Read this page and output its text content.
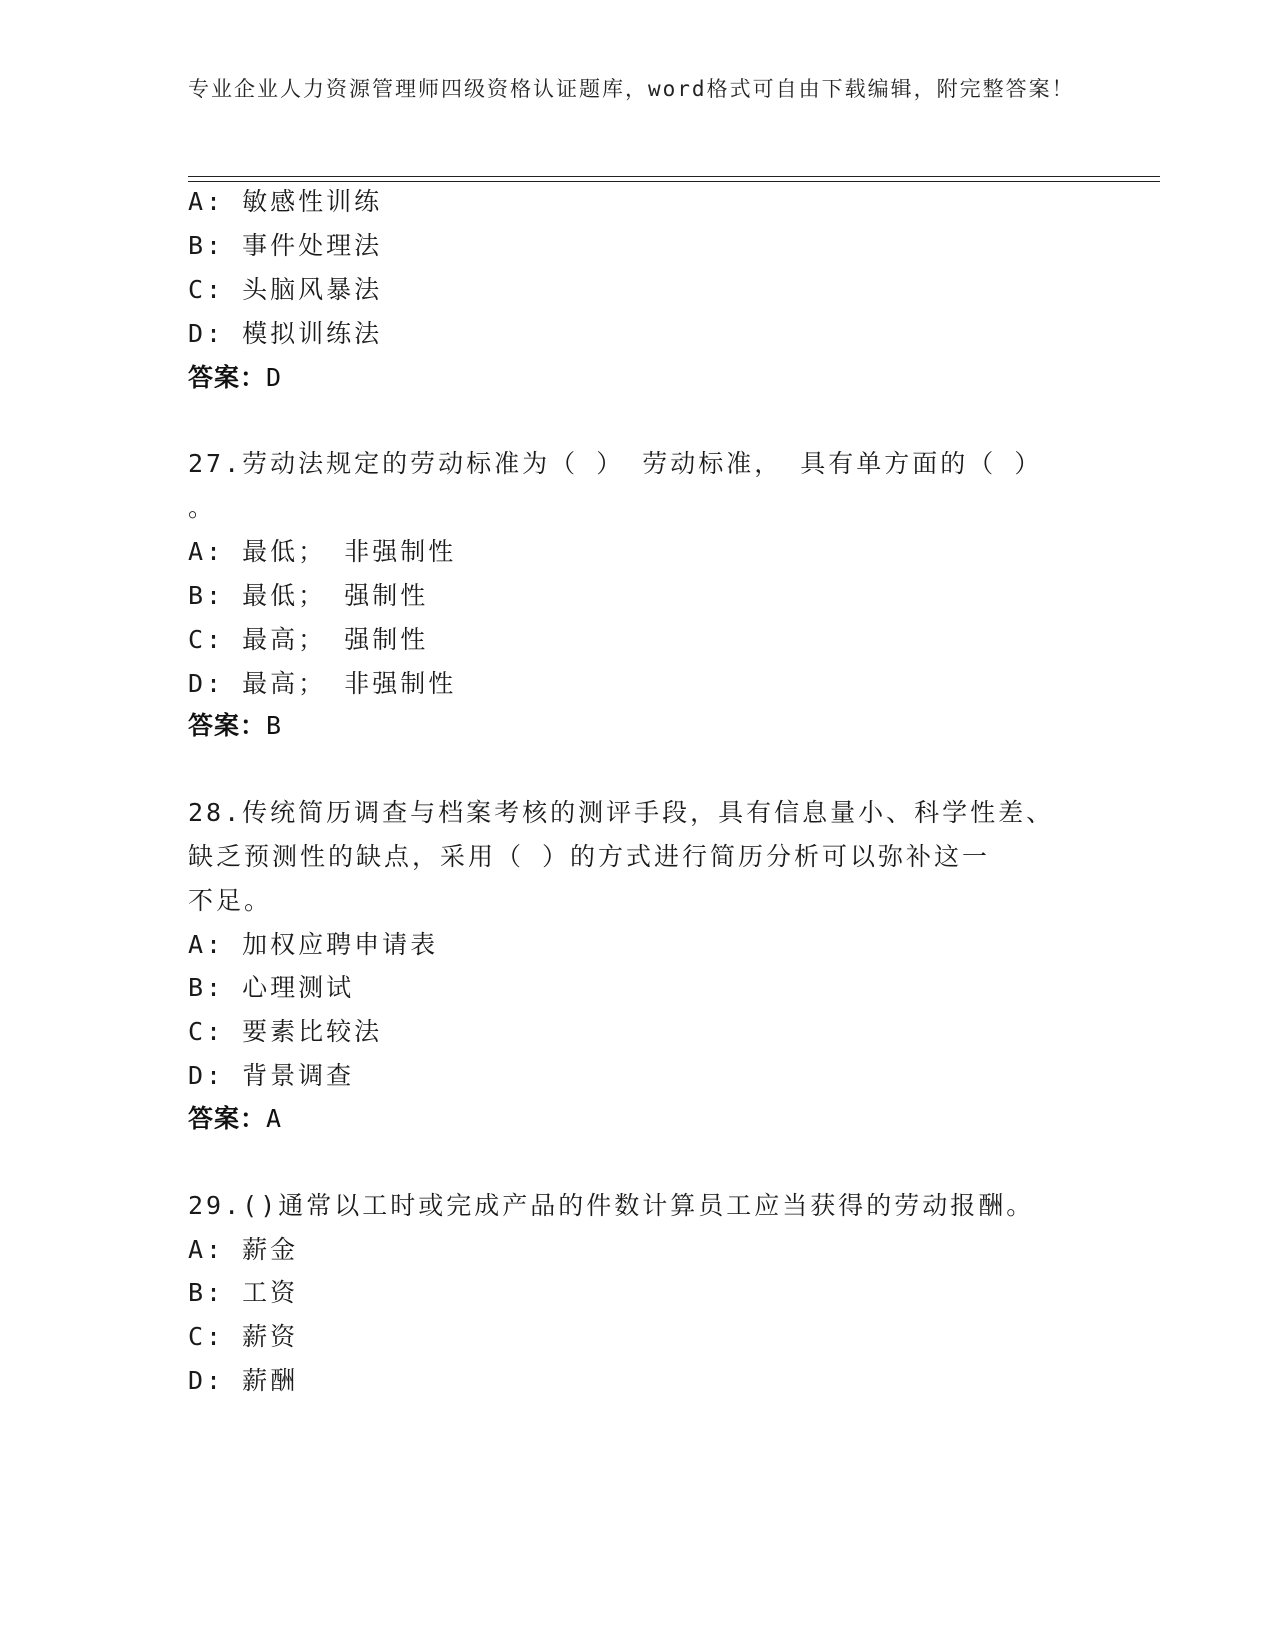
专业企业人力资源管理师四级资格认证题库，word格式可自由下载编辑，附完整答案！
A: 敏感性训练
B: 事件处理法
C: 头脑风暴法
D: 模拟训练法
答案：D
27.劳动法规定的劳动标准为（ ） 劳动标准， 具有单方面的（ ）
。
A: 最低； 非强制性
B: 最低； 强制性
C: 最高； 强制性
D: 最高； 非强制性
答案：B
28.传统简历调查与档案考核的测评手段，具有信息量小、科学性差、
缺乏预测性的缺点，采用（ ）的方式进行简历分析可以弥补这一
不足。
A: 加权应聘申请表
B: 心理测试
C: 要素比较法
D: 背景调查
答案：A
29.()通常以工时或完成产品的件数计算员工应当获得的劳动报酬。
A: 薪金
B: 工资
C: 薪资
D: 薪酬
